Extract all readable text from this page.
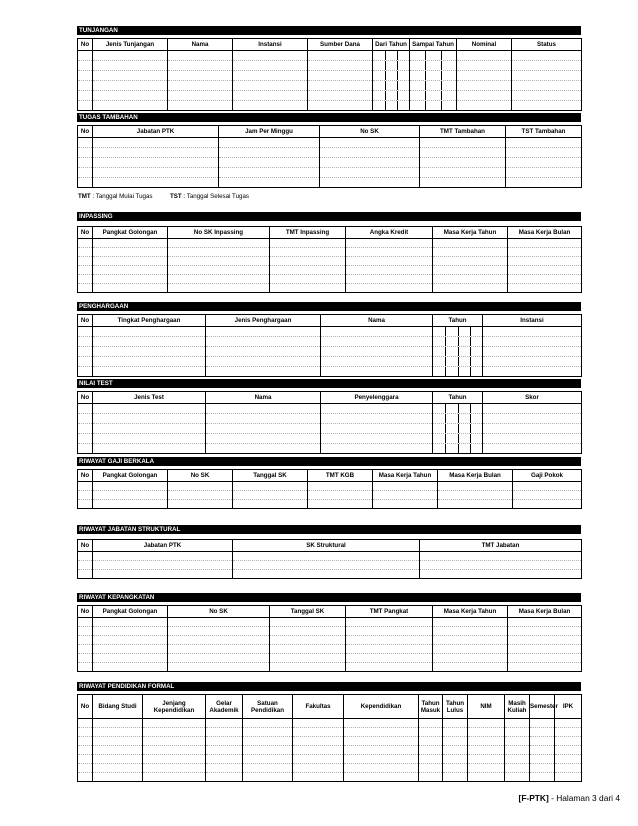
TUNJANGAN
No	Jenis Tunjangan	Nama	Instansi	Sumber Dana	Dari Tahun	Sampai Tahun	Nominal	Status

TUGAS TAMBAHAN
No	Jabatan PTK	Jam Per Minggu	No SK	TMT Tambahan	TST Tambahan

TMT : Tanggal Mulai Tugas	TST : Tanggal Selesai Tugas
INPASSING
No	Pangkat Golongan	No SK Inpassing	TMT Inpassing	Angka Kredit	Masa Kerja Tahun	Masa Kerja Bulan

PENGHARGAAN
No	Tingkat Penghargaan	Jenis Penghargaan	Nama	Tahun	Instansi

NILAI TEST
No	Jenis Test	Nama	Penyelenggara	Tahun	Skor

RIWAYAT GAJI BERKALA
No	Pangkat Golongan	No SK	Tanggal SK	TMT KGB	Masa Kerja Tahun	Masa Kerja Bulan	Gaji Pokok

RIWAYAT JABATAN STRUKTURAL
No	Jabatan PTK	SK Struktural	TMT Jabatan

RIWAYAT KEPANGKATAN
No	Pangkat Golongan	No SK	Tanggal SK	TMT Pangkat	Masa Kerja Tahun	Masa Kerja Bulan

RIWAYAT PENDIDIKAN FORMAL
No	Bidang Studi	Jenjang Kependidikan	Gelar Akademik	Satuan Pendidikan	Fakultas	Kependidikan	Tahun Masuk	Tahun Lulus	NIM	Masih Kuliah	Semester	IPK

[F-PTK] - Halaman 3 dari 4
